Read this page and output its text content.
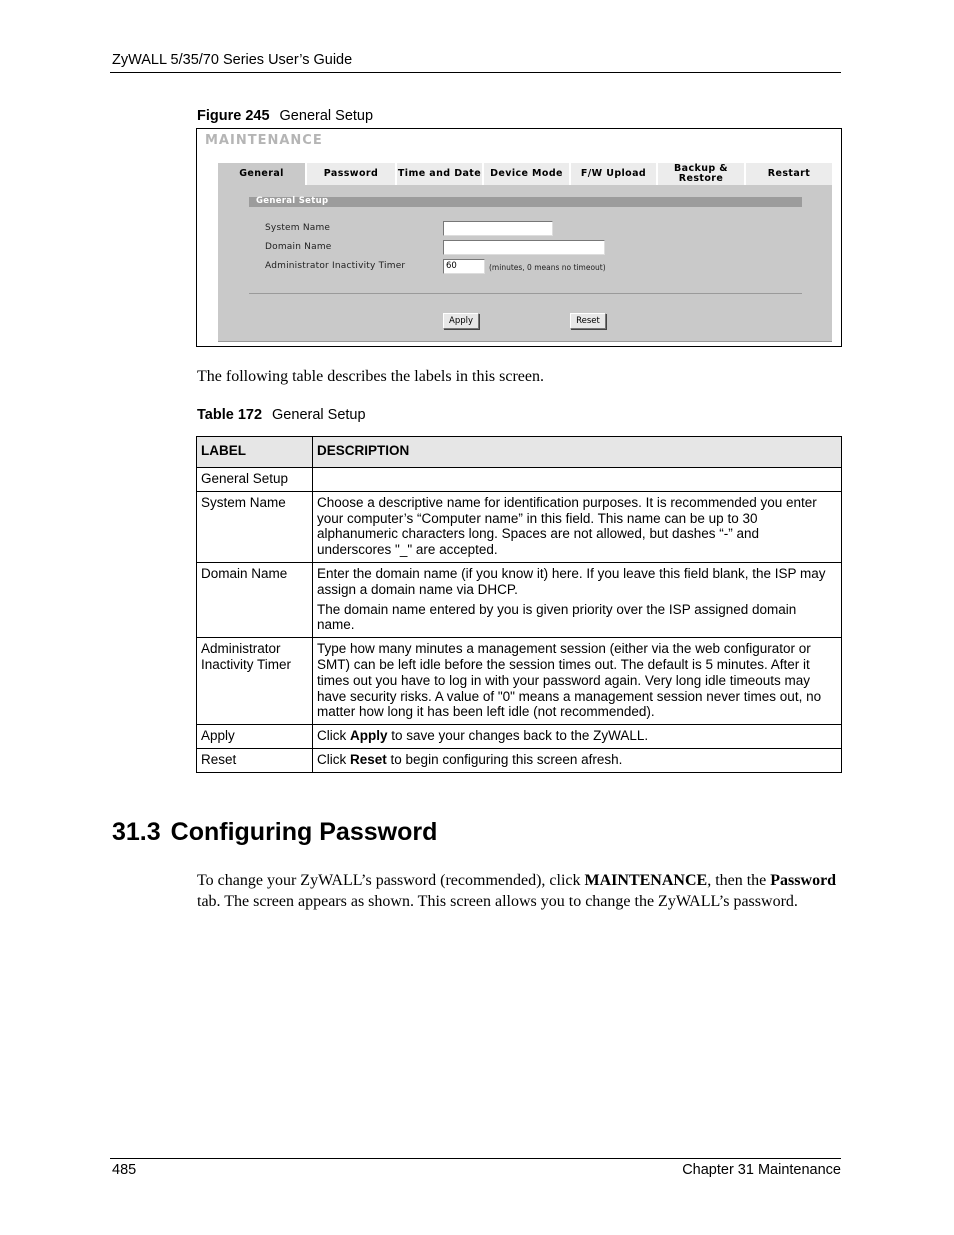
ZyWALL 5/35/70 Series User’s Guide
Figure 245 General Setup
MAINTENANCE
General	Password	Time and Date Device Mode	F/W Upload	Backup &
Restore	Restart
General Setup
System Name
Domain Name
Administrator Inactivity Timer	60	(minutes, 0 means no timeout)
Apply	Reset
The following table describes the labels in this screen.
Table 172 General Setup
LABEL	DESCRIPTION
General Setup	
System Name	Choose a descriptive name for identification purposes. It is recommended you enter your computer’s “Computer name” in this field. This name can be up to 30 alphanumeric characters long. Spaces are not allowed, but dashes “-” and underscores "_" are accepted.

Domain Name	Enter the domain name (if you know it) here. If you leave this field blank, the ISP may assign a domain name via DHCP.

The domain name entered by you is given priority over the ISP assigned domain name.

Administrator Inactivity Timer	Type how many minutes a management session (either via the web configurator or SMT) can be left idle before the session times out. The default is 5 minutes. After it times out you have to log in with your password again. Very long idle timeouts may have security risks. A value of "0" means a management session never times out, no matter how long it has been left idle (not recommended).

Apply	Click Apply to save your changes back to the ZyWALL.
Reset	Click Reset to begin configuring this screen afresh.
31.3 Configuring Password
To change your ZyWALL’s password (recommended), click MAINTENANCE, then the Password tab. The screen appears as shown. This screen allows you to change the ZyWALL’s password.
485	Chapter 31 Maintenance
